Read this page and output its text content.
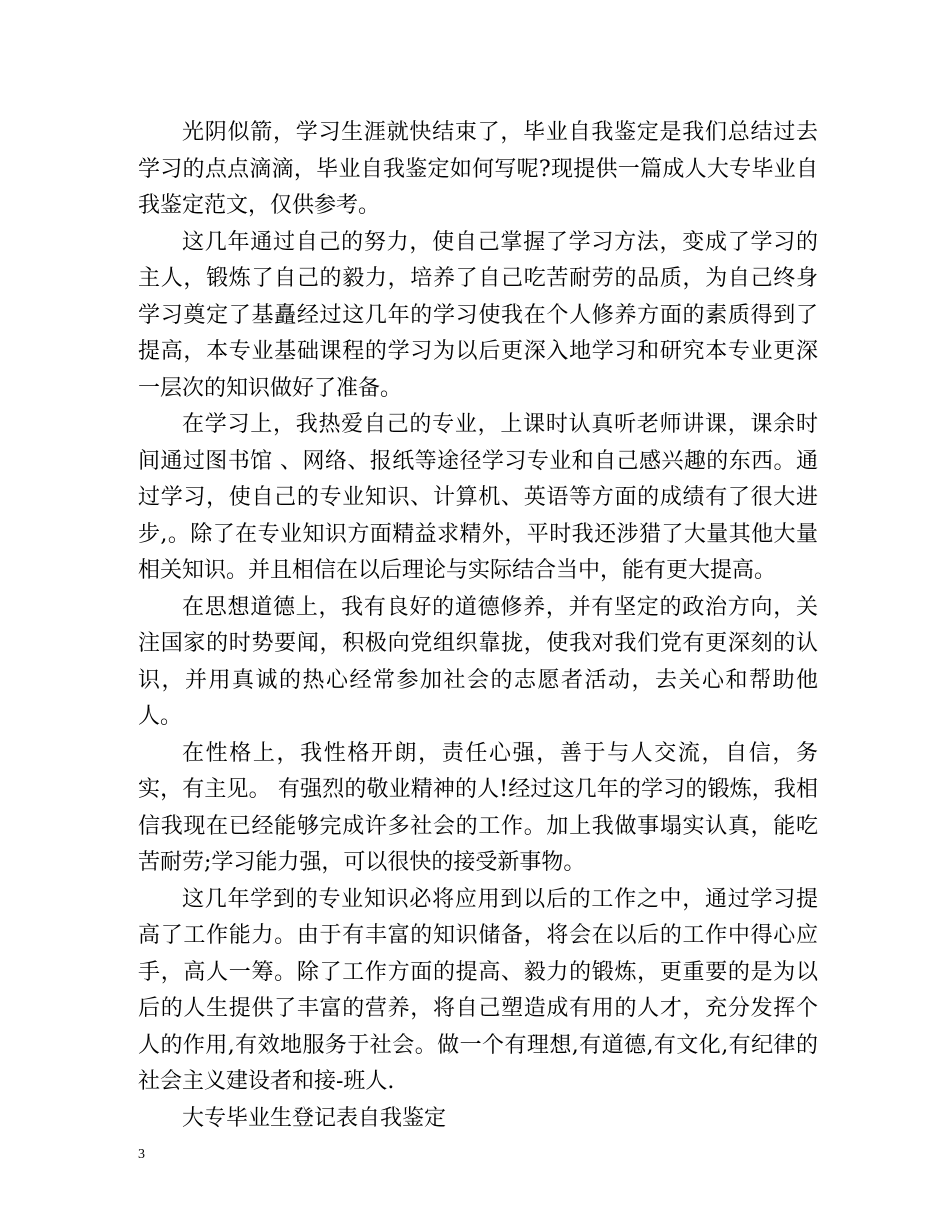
光阴似箭，学习生涯就快结束了，毕业自我鉴定是我们总结过去学习的点点滴滴，毕业自我鉴定如何写呢?现提供一篇成人大专毕业自我鉴定范文，仅供参考。

这几年通过自己的努力，使自己掌握了学习方法，变成了学习的主人，锻炼了自己的毅力，培养了自己吃苦耐劳的品质，为自己终身学习奠定了基矗经过这几年的学习使我在个人修养方面的素质得到了提高，本专业基础课程的学习为以后更深入地学习和研究本专业更深一层次的知识做好了准备。

在学习上，我热爱自己的专业，上课时认真听老师讲课，课余时间通过图书馆 、网络、报纸等途径学习专业和自己感兴趣的东西。通过学习，使自己的专业知识、计算机、英语等方面的成绩有了很大进步,。除了在专业知识方面精益求精外，平时我还涉猎了大量其他大量相关知识。并且相信在以后理论与实际结合当中，能有更大提高。

在思想道德上，我有良好的道德修养，并有坚定的政治方向，关注国家的时势要闻，积极向党组织靠拢，使我对我们党有更深刻的认识，并用真诚的热心经常参加社会的志愿者活动，去关心和帮助他人。

在性格上，我性格开朗，责任心强，善于与人交流，自信，务实，有主见。 有强烈的敬业精神的人!经过这几年的学习的锻炼，我相信我现在已经能够完成许多社会的工作。加上我做事塌实认真，能吃苦耐劳;学习能力强，可以很快的接受新事物。

这几年学到的专业知识必将应用到以后的工作之中，通过学习提高了工作能力。由于有丰富的知识储备，将会在以后的工作中得心应手，高人一筹。除了工作方面的提高、毅力的锻炼，更重要的是为以后的人生提供了丰富的营养，将自己塑造成有用的人才，充分发挥个人的作用,有效地服务于社会。做一个有理想,有道德,有文化,有纪律的社会主义建设者和接-班人.

大专毕业生登记表自我鉴定

3
